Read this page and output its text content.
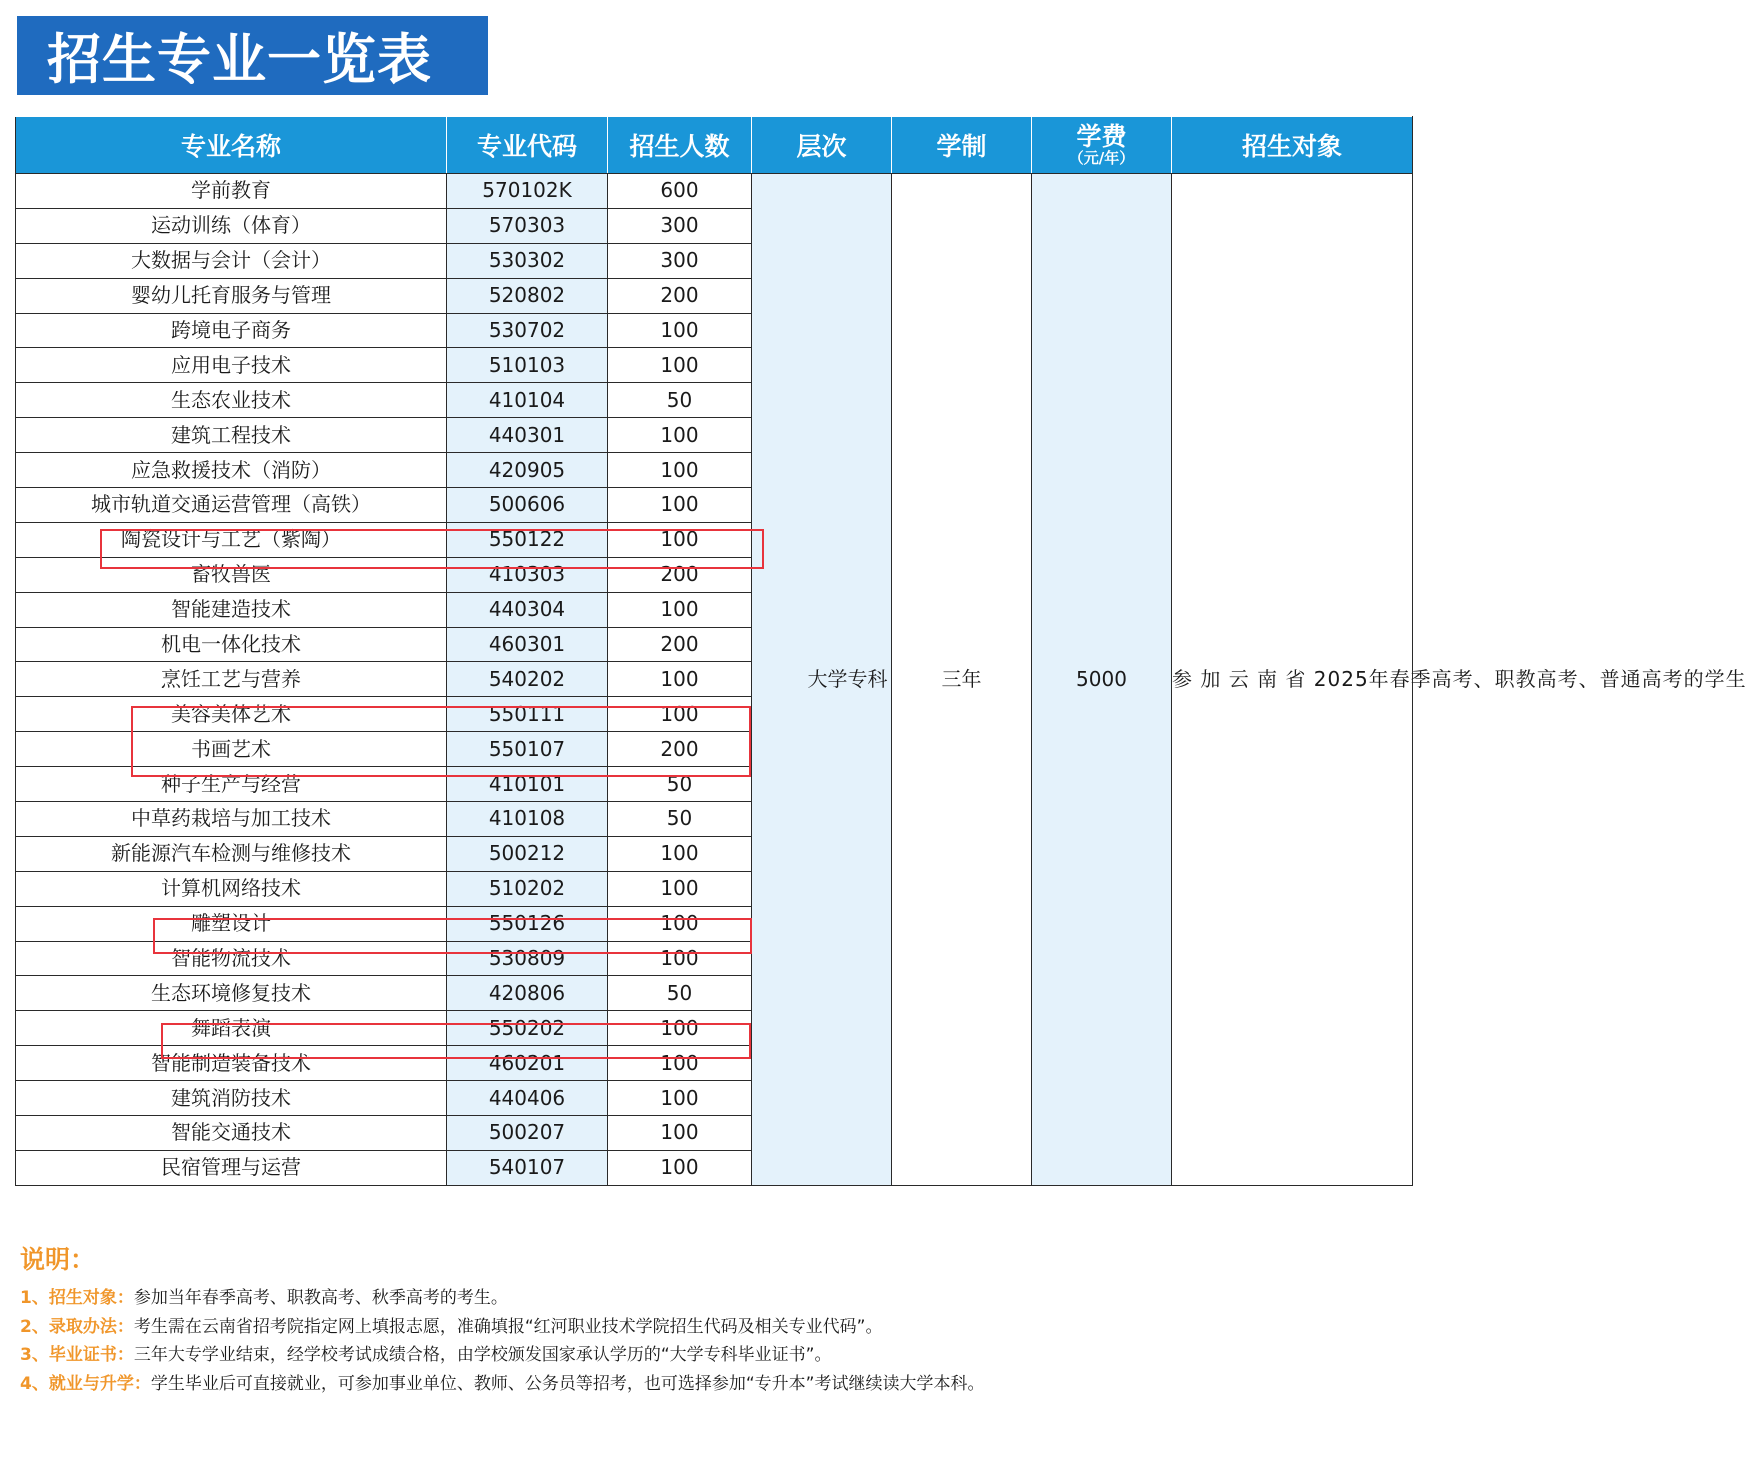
招生专业一览表
专业名称	专业代码	招生人数	层次	学制	学费
（元/年）	招生对象
学前教育	570102K	600	大学专科	三年	5000	参 加 云 南 省 2025年春季高考、职教高考、普通高考的学生
运动训练（体育）	570303	300				
大数据与会计（会计）	530302	300				
婴幼儿托育服务与管理	520802	200				
跨境电子商务	530702	100				
应用电子技术	510103	100				
生态农业技术	410104	50				
建筑工程技术	440301	100				
应急救援技术（消防）	420905	100				
城市轨道交通运营管理（高铁）	500606	100				
陶瓷设计与工艺（紫陶）	550122	100				
畜牧兽医	410303	200				
智能建造技术	440304	100				
机电一体化技术	460301	200				
烹饪工艺与营养	540202	100				
美容美体艺术	550111	100				
书画艺术	550107	200				
种子生产与经营	410101	50				
中草药栽培与加工技术	410108	50				
新能源汽车检测与维修技术	500212	100				
计算机网络技术	510202	100				
雕塑设计	550126	100				
智能物流技术	530809	100				
生态环境修复技术	420806	50				
舞蹈表演	550202	100				
智能制造装备技术	460201	100				
建筑消防技术	440406	100				
智能交通技术	500207	100				
民宿管理与运营	540107	100				
说明：
1、招生对象：参加当年春季高考、职教高考、秋季高考的考生。
2、录取办法：考生需在云南省招考院指定网上填报志愿，准确填报“红河职业技术学院招生代码及相关专业代码”。
3、毕业证书：三年大专学业结束，经学校考试成绩合格，由学校颁发国家承认学历的“大学专科毕业证书”。
4、就业与升学：学生毕业后可直接就业，可参加事业单位、教师、公务员等招考，也可选择参加“专升本”考试继续读大学本科。
